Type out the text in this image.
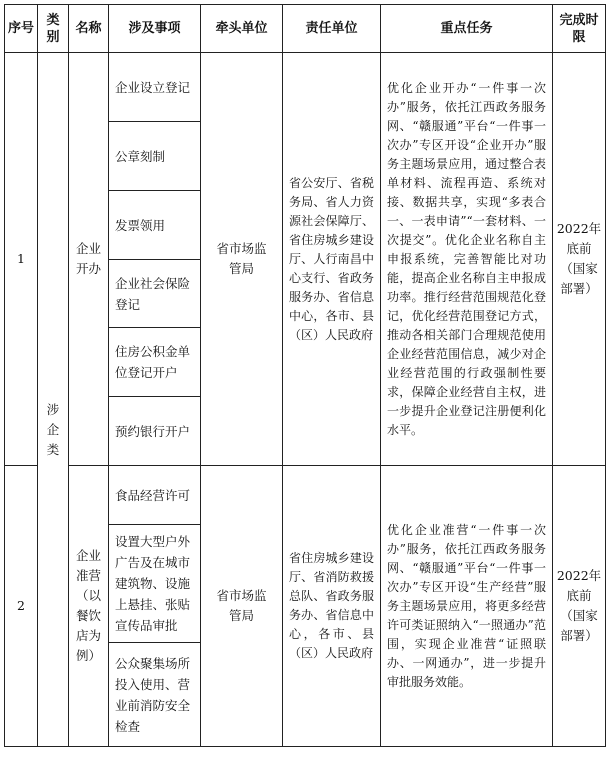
序号	类别	名称	涉及事项	牵头单位	责任单位	重点任务	完成时限
1	涉企类	企业开办	企业设立登记	省市场监管局	省公安厅、省税务局、省人力资源社会保障厅、省住房城乡建设厅、人行南昌中心支行、省政务服务办、省信息中心，各市、县（区）人民政府	优化企业开办“一件事一次办”服务，依托江西政务服务网、“赣服通”平台“一件事一次办”专区开设“企业开办”服务主题场景应用，通过整合表单材料、流程再造、系统对接、数据共享，实现“多表合一、一表申请”“一套材料、一次提交”。优化企业名称自主申报系统，完善智能比对功能，提高企业名称自主申报成功率。推行经营范围规范化登记，优化经营范围登记方式，推动各相关部门合理规范使用企业经营范围信息，减少对企业经营范围的行政强制性要求，保障企业经营自主权，进一步提升企业登记注册便利化水平。	2022年底前（国家部署）
			公章刻制				
			发票领用				
			企业社会保险登记				
			住房公积金单位登记开户				
			预约银行开户				
2		企业准营（以餐饮店为例）	食品经营许可	省市场监管局	省住房城乡建设厅、省消防救援总队、省政务服务办、省信息中心，各市、县（区）人民政府	优化企业准营“一件事一次办”服务，依托江西政务服务网、“赣服通”平台“一件事一次办”专区开设“生产经营”服务主题场景应用，将更多经营许可类证照纳入“一照通办”范围，实现企业准营“证照联办、一网通办”，进一步提升审批服务效能。	2022年底前（国家部署）
			设置大型户外广告及在城市建筑物、设施上悬挂、张贴宣传品审批				
			公众聚集场所投入使用、营业前消防安全检查				
